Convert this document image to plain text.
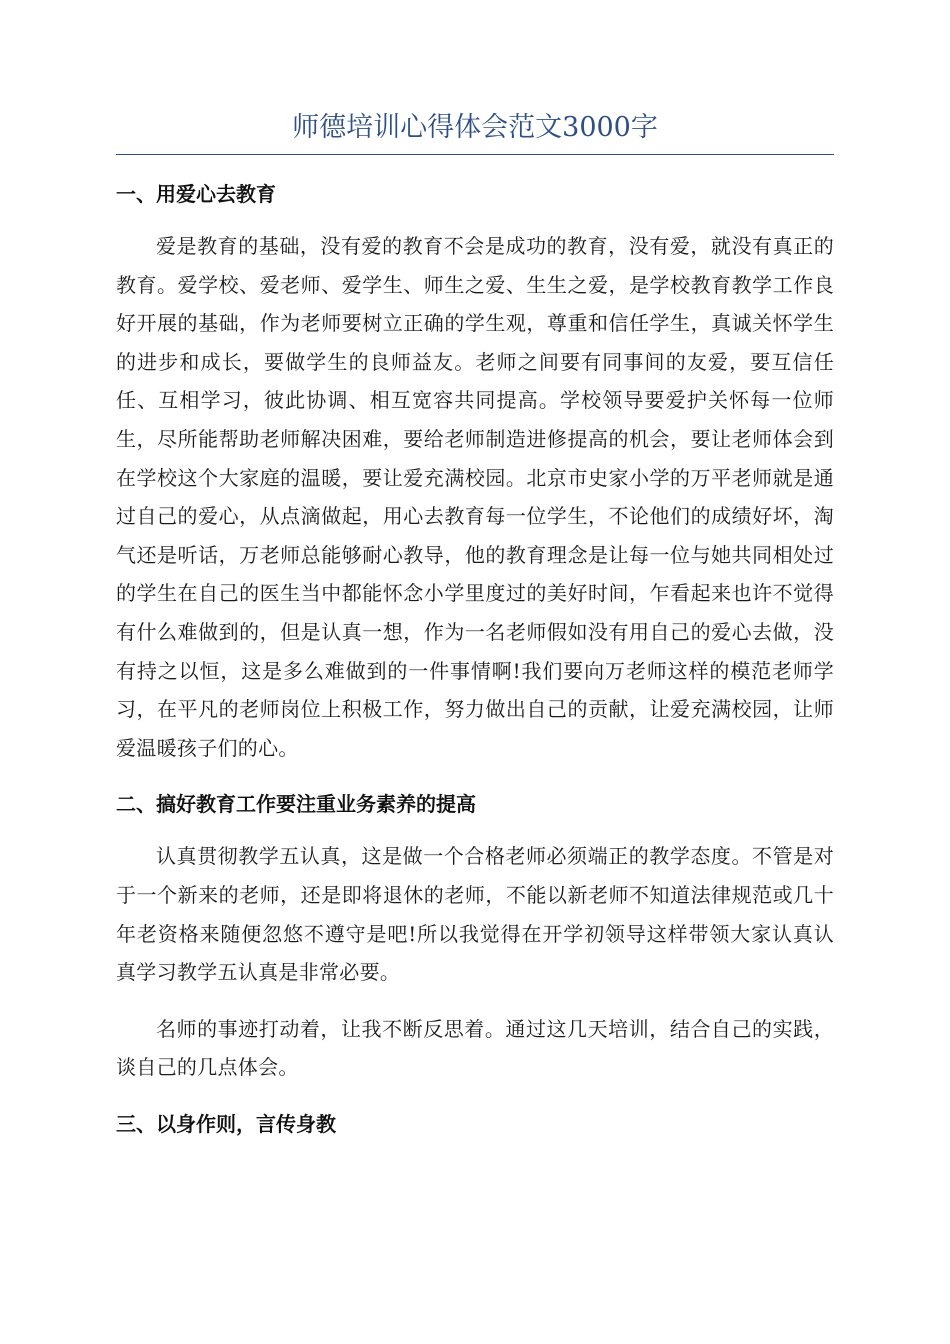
师德培训心得体会范文3000字
一、用爱心去教育

爱是教育的基础，没有爱的教育不会是成功的教育，没有爱，就没有真正的教育。爱学校、爱老师、爱学生、师生之爱、生生之爱，是学校教育教学工作良好开展的基础，作为老师要树立正确的学生观，尊重和信任学生，真诚关怀学生的进步和成长，要做学生的良师益友。老师之间要有同事间的友爱，要互信任任、互相学习，彼此协调、相互宽容共同提高。学校领导要爱护关怀每一位师生，尽所能帮助老师解决困难，要给老师制造进修提高的机会，要让老师体会到在学校这个大家庭的温暖，要让爱充满校园。北京市史家小学的万平老师就是通过自己的爱心，从点滴做起，用心去教育每一位学生，不论他们的成绩好坏，淘气还是听话，万老师总能够耐心教导，他的教育理念是让每一位与她共同相处过的学生在自己的医生当中都能怀念小学里度过的美好时间，乍看起来也许不觉得有什么难做到的，但是认真一想，作为一名老师假如没有用自己的爱心去做，没有持之以恒，这是多么难做到的一件事情啊!我们要向万老师这样的模范老师学习，在平凡的老师岗位上积极工作，努力做出自己的贡献，让爱充满校园，让师爱温暖孩子们的心。

二、搞好教育工作要注重业务素养的提高

认真贯彻教学五认真，这是做一个合格老师必须端正的教学态度。不管是对于一个新来的老师，还是即将退休的老师，不能以新老师不知道法律规范或几十年老资格来随便忽悠不遵守是吧!所以我觉得在开学初领导这样带领大家认真认真学习教学五认真是非常必要。

名师的事迹打动着，让我不断反思着。通过这几天培训，结合自己的实践，谈自己的几点体会。

三、以身作则，言传身教
